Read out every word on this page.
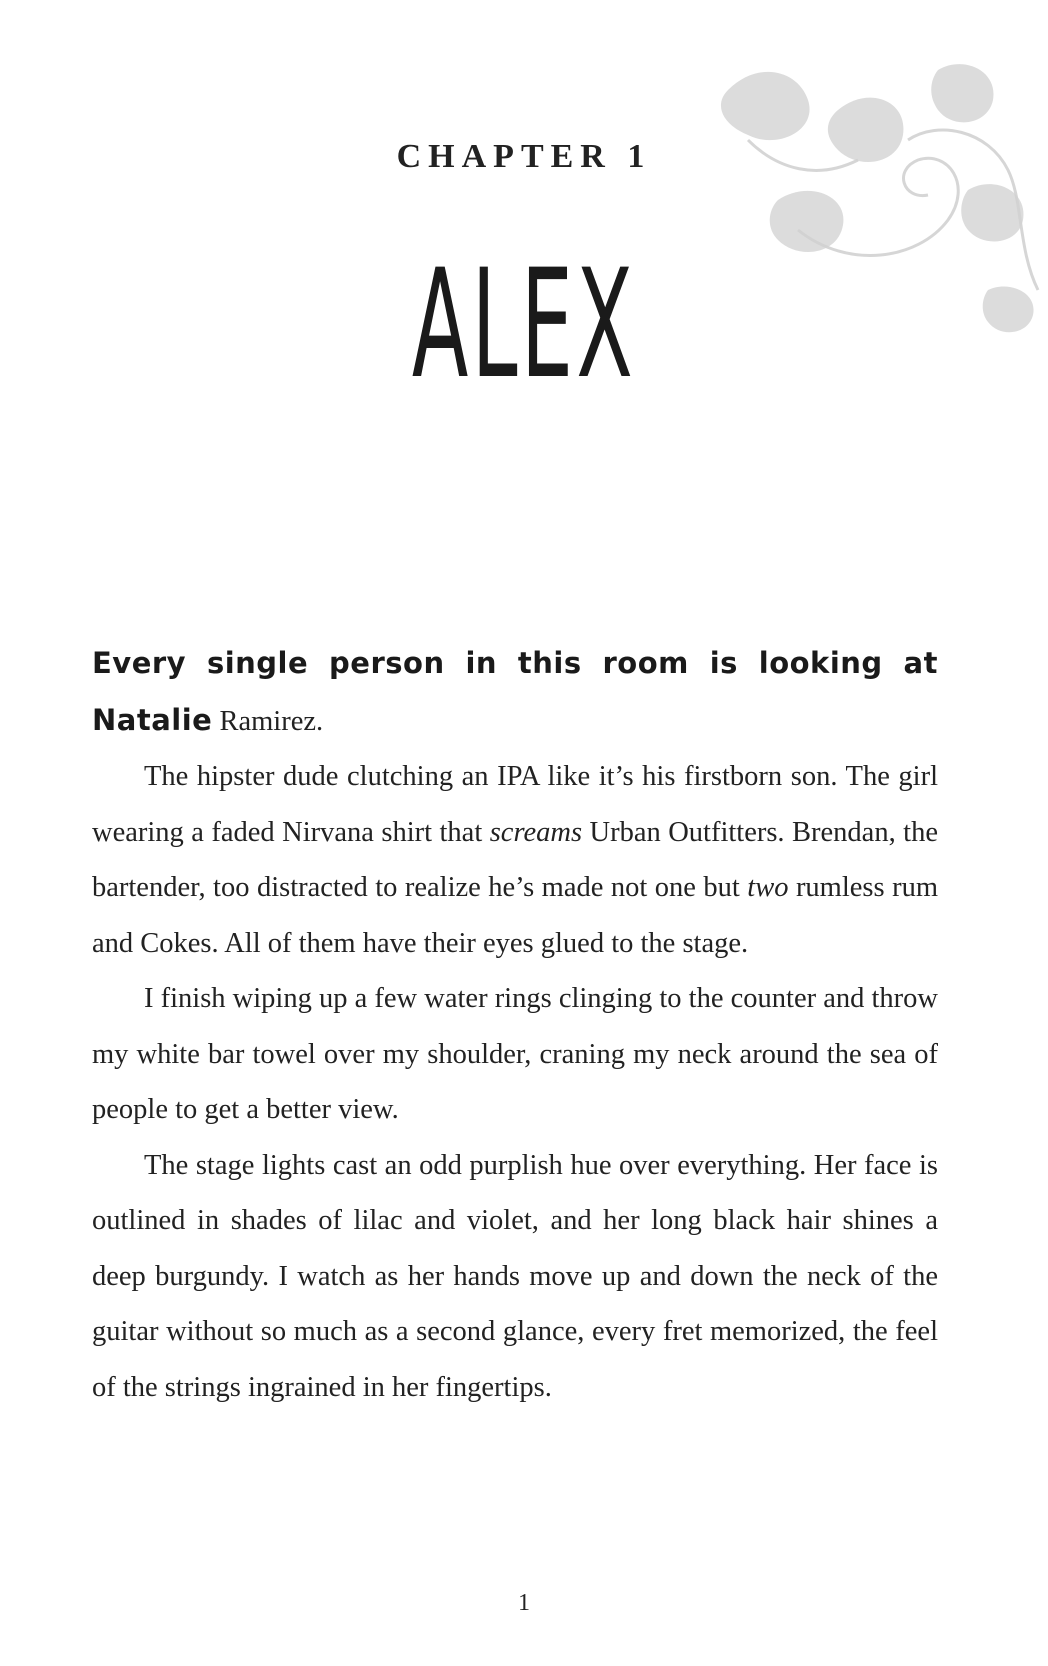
CHAPTER 1
ALEX

Every single person in this room is looking at Natalie Ramirez.

The hipster dude clutching an IPA like it’s his firstborn son. The girl wearing a faded Nirvana shirt that screams Urban Outfitters. Brendan, the bartender, too distracted to realize he’s made not one but two rumless rum and Cokes. All of them have their eyes glued to the stage.

I finish wiping up a few water rings clinging to the counter and throw my white bar towel over my shoulder, craning my neck around the sea of people to get a better view.

The stage lights cast an odd purplish hue over everything. Her face is outlined in shades of lilac and violet, and her long black hair shines a deep burgundy. I watch as her hands move up and down the neck of the guitar without so much as a second glance, every fret memorized, the feel of the strings ingrained in her fingertips.

1
